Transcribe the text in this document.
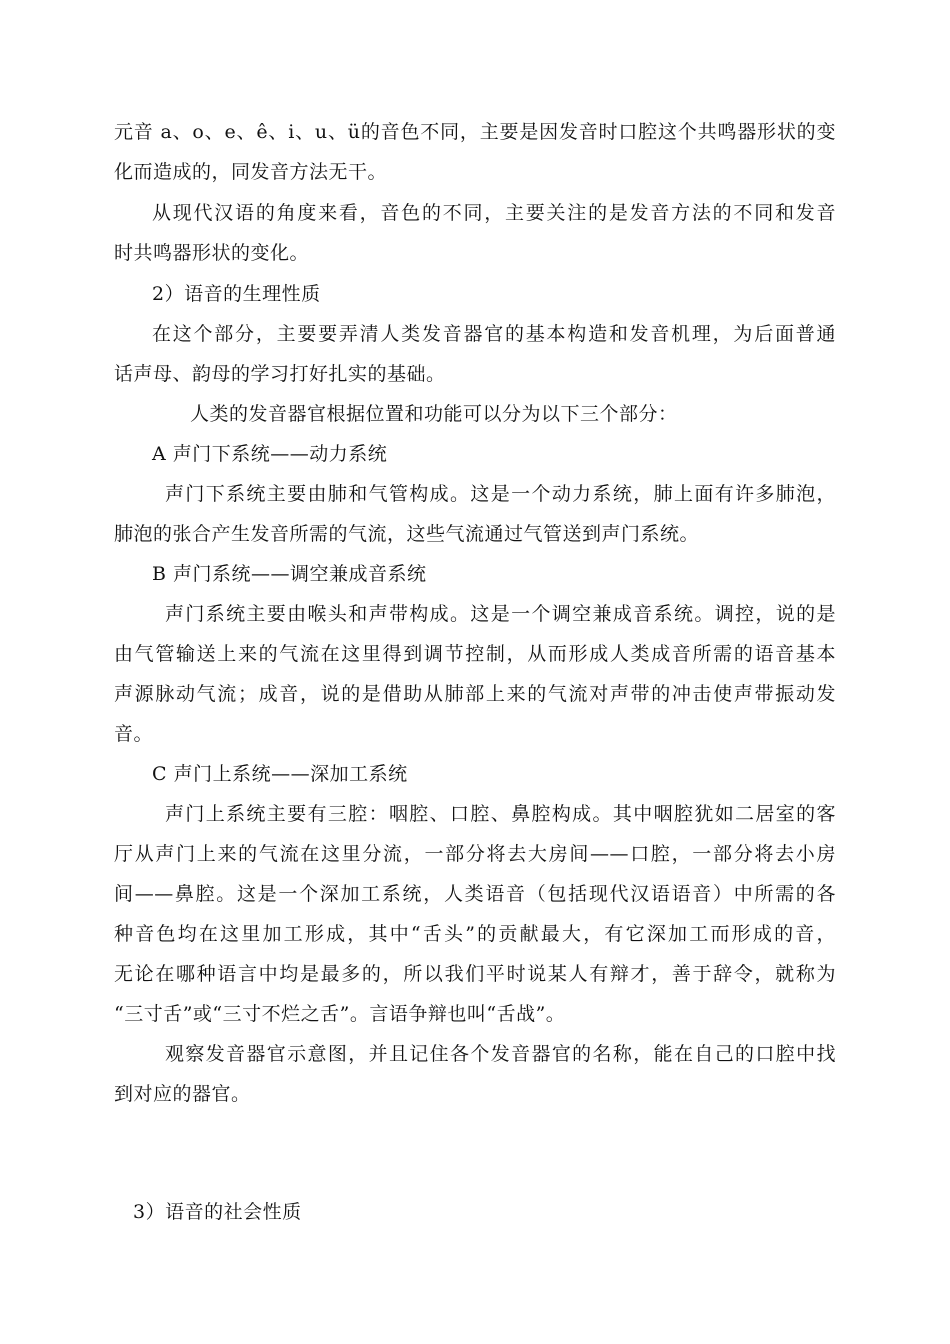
元音 a、o、e、ê、i、u、ü的音色不同，主要是因发音时口腔这个共鸣器形状的变
化而造成的，同发音方法无干。
从现代汉语的角度来看，音色的不同，主要关注的是发音方法的不同和发音
时共鸣器形状的变化。
2）语音的生理性质
在这个部分，主要要弄清人类发音器官的基本构造和发音机理，为后面普通
话声母、韵母的学习打好扎实的基础。
人类的发音器官根据位置和功能可以分为以下三个部分：
A 声门下系统——动力系统
声门下系统主要由肺和气管构成。这是一个动力系统，肺上面有许多肺泡，
肺泡的张合产生发音所需的气流，这些气流通过气管送到声门系统。
B 声门系统——调空兼成音系统
声门系统主要由喉头和声带构成。这是一个调空兼成音系统。调控，说的是
由气管输送上来的气流在这里得到调节控制，从而形成人类成音所需的语音基本
声源脉动气流；成音，说的是借助从肺部上来的气流对声带的冲击使声带振动发
音。
C 声门上系统——深加工系统
声门上系统主要有三腔：咽腔、口腔、鼻腔构成。其中咽腔犹如二居室的客
厅从声门上来的气流在这里分流，一部分将去大房间——口腔，一部分将去小房
间——鼻腔。这是一个深加工系统，人类语音（包括现代汉语语音）中所需的各
种音色均在这里加工形成，其中“舌头”的贡献最大，有它深加工而形成的音，
无论在哪种语言中均是最多的，所以我们平时说某人有辩才，善于辞令，就称为
“三寸舌”或“三寸不烂之舌”。言语争辩也叫“舌战”。
观察发音器官示意图，并且记住各个发音器官的名称，能在自己的口腔中找
到对应的器官。
3）语音的社会性质
